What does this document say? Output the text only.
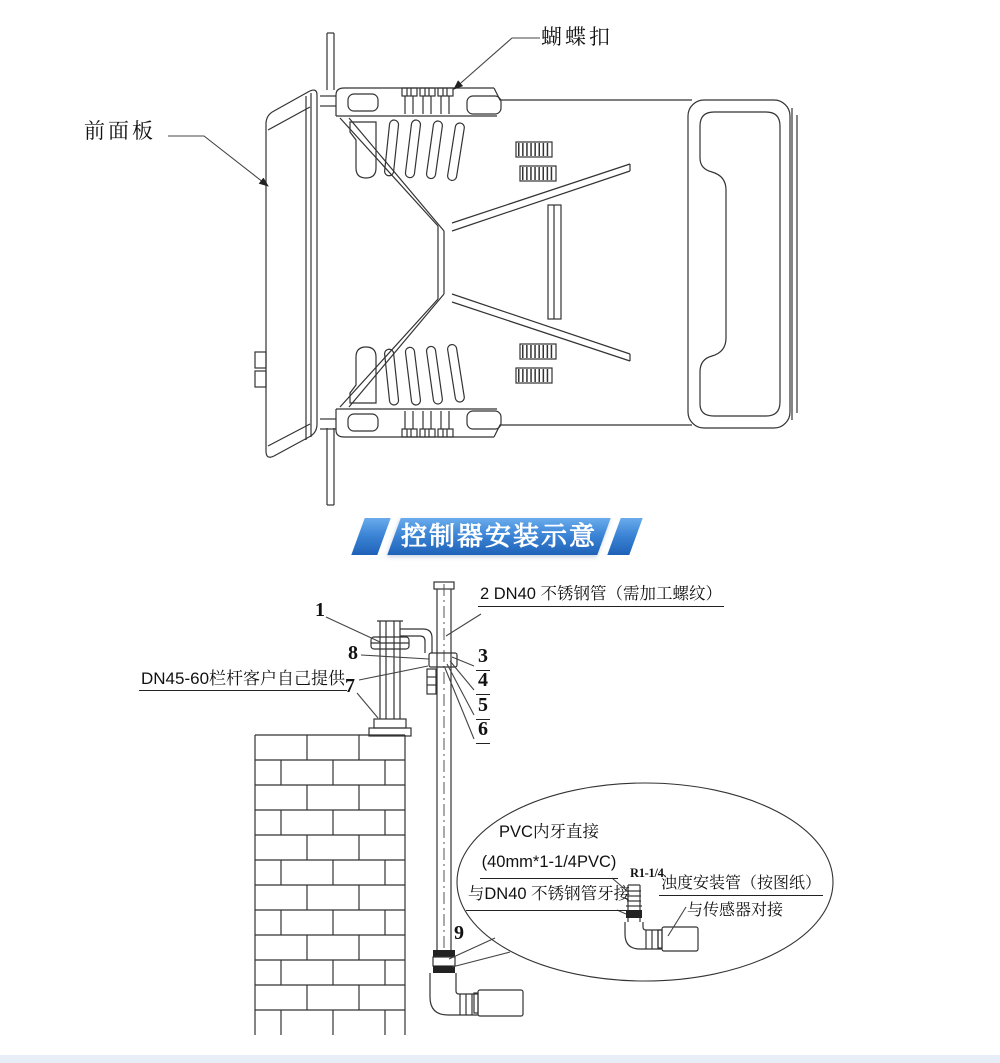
前面板
蝴蝶扣
控制器安装示意图
2 DN40 不锈钢管（需加工螺纹）
1
8
7
3
4
5
6
DN45-60栏杆客户自己提供
9
PVC内牙直接
(40mm*1-1/4PVC)
与DN40 不锈钢管牙接
R1-1/4
浊度安装管（按图纸）
与传感器对接
